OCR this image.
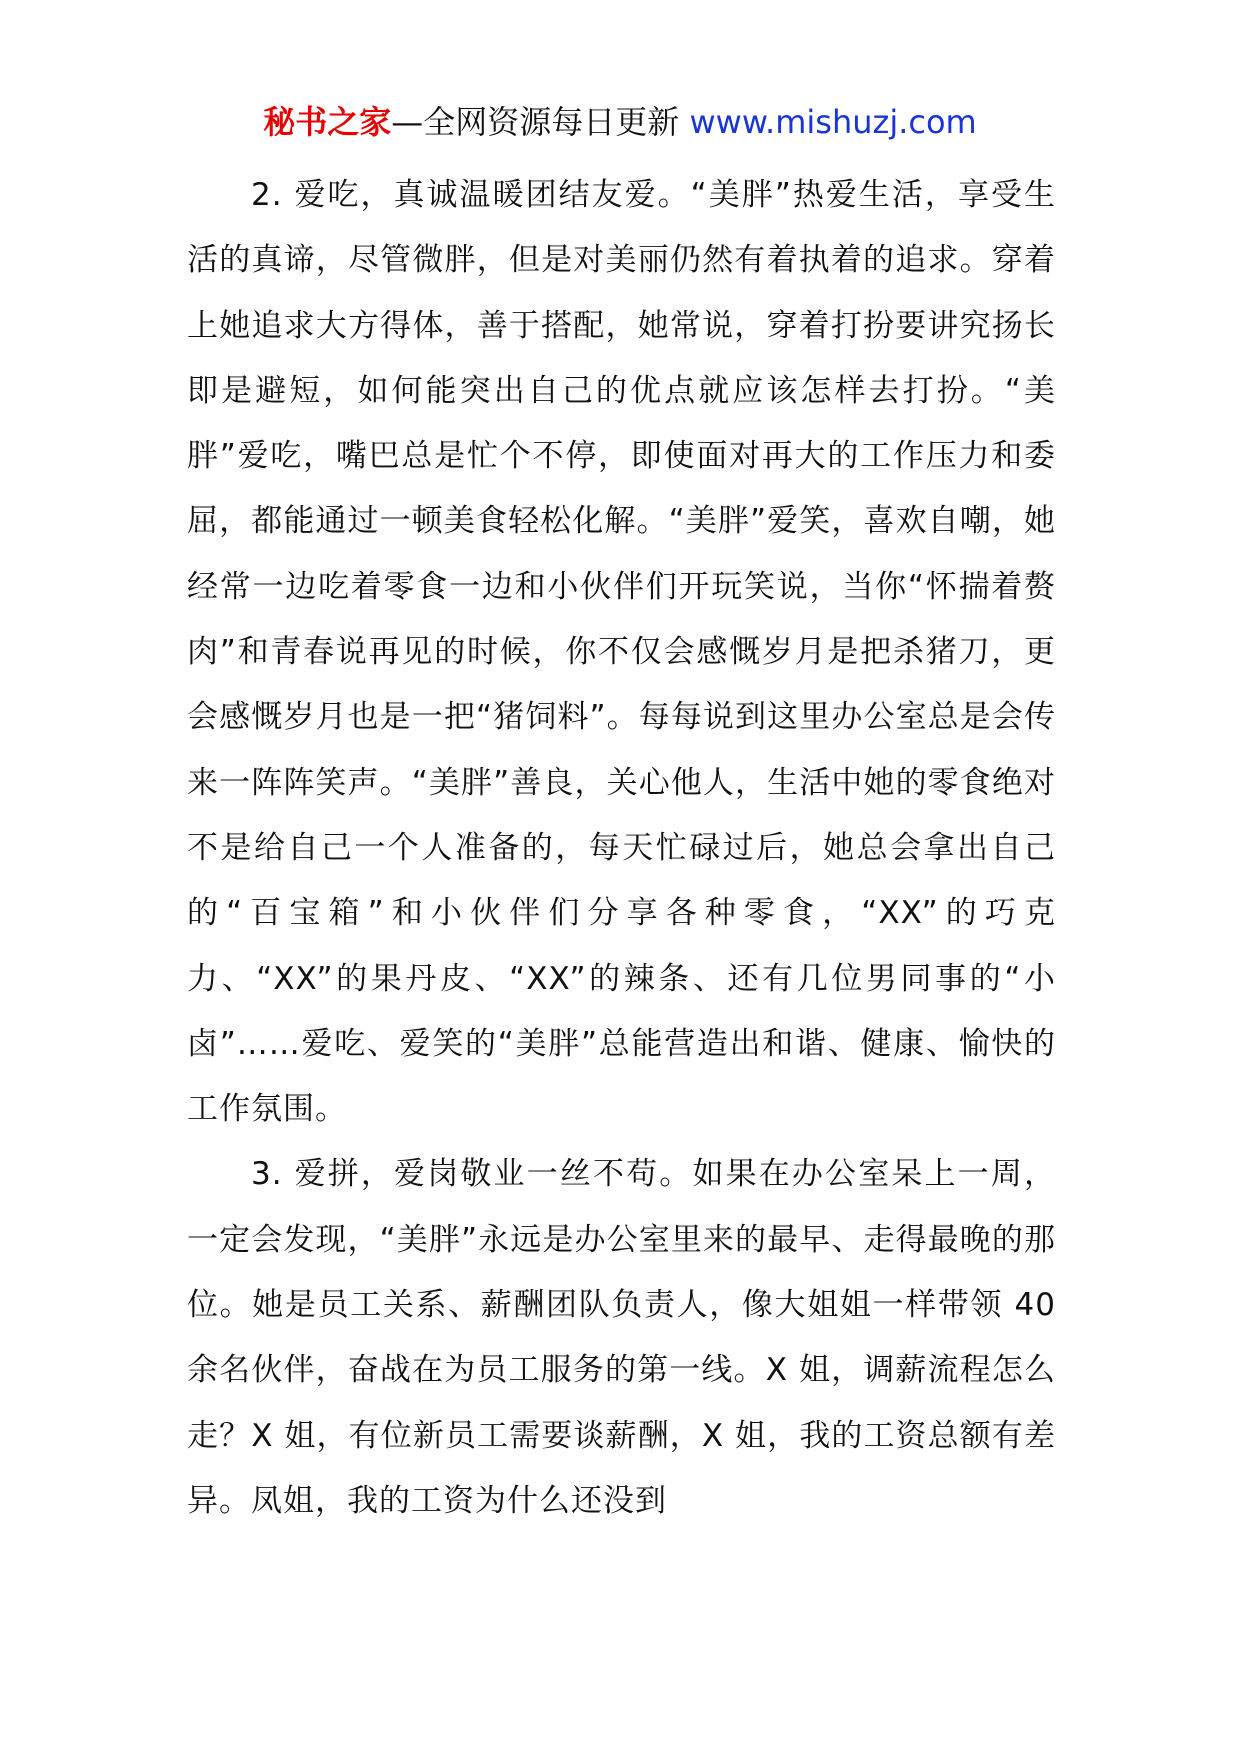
秘书之家—全网资源每日更新 www.mishuzj.com

2. 爱吃，真诚温暖团结友爱。“美胖”热爱生活，享受生活的真谛，尽管微胖，但是对美丽仍然有着执着的追求。穿着上她追求大方得体，善于搭配，她常说，穿着打扮要讲究扬长即是避短，如何能突出自己的优点就应该怎样去打扮。“美胖”爱吃，嘴巴总是忙个不停，即使面对再大的工作压力和委屈，都能通过一顿美食轻松化解。“美胖”爱笑，喜欢自嘲，她经常一边吃着零食一边和小伙伴们开玩笑说，当你“怀揣着赘肉”和青春说再见的时候，你不仅会感慨岁月是把杀猪刀，更会感慨岁月也是一把“猪饲料”。每每说到这里办公室总是会传来一阵阵笑声。“美胖”善良，关心他人，生活中她的零食绝对不是给自己一个人准备的，每天忙碌过后，她总会拿出自己的“百宝箱”和小伙伴们分享各种零食，“XX”的巧克力、“XX”的果丹皮、“XX”的辣条、还有几位男同事的“小卤”……爱吃、爱笑的“美胖”总能营造出和谐、健康、愉快的工作氛围。

3. 爱拼，爱岗敬业一丝不苟。如果在办公室呆上一周，一定会发现，“美胖”永远是办公室里来的最早、走得最晚的那位。她是员工关系、薪酬团队负责人，像大姐姐一样带领 40 余名伙伴，奋战在为员工服务的第一线。X 姐，调薪流程怎么走？X 姐，有位新员工需要谈薪酬，X 姐，我的工资总额有差异。凤姐，我的工资为什么还没到
